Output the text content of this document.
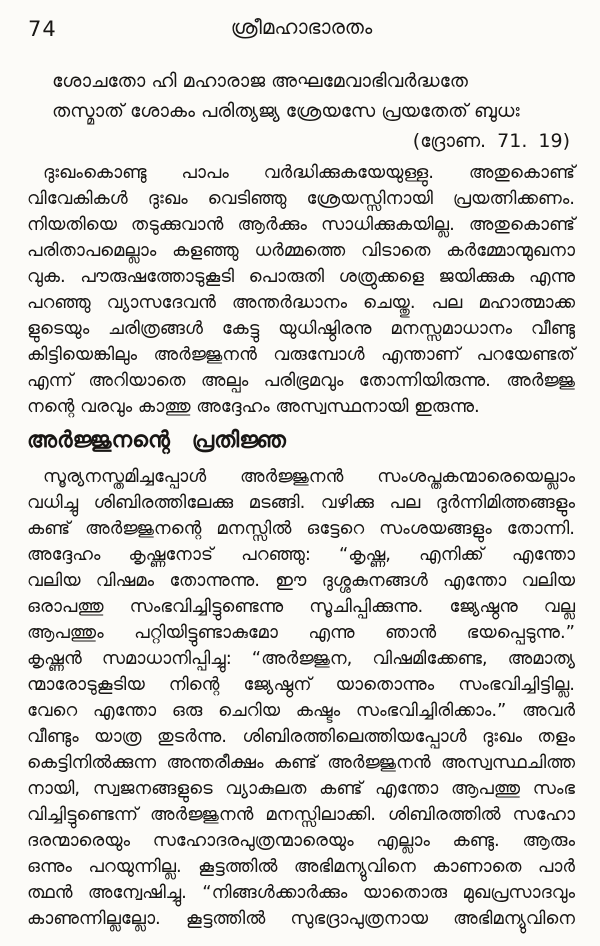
74	ശ്രീമഹാഭാരതം
ശോചതോ ഹി മഹാരാജ അഘമേവാഭിവർദ്ധതേ
തസ്മാത് ശോകം പരിത്യജ്യ ശ്രേയസേ പ്രയതേത് ബുധഃ
(ദ്രോണ. 71. 19)
ദുഃഖംകൊണ്ടു പാപം വർദ്ധിക്കുകയേയുള്ളു. അതുകൊണ്ട്
വിവേകികൾ ദുഃഖം വെടിഞ്ഞു ശ്രേയസ്സിനായി പ്രയത്നിക്കണം.
നിയതിയെ തടുക്കുവാൻ ആർക്കും സാധിക്കുകയില്ല. അതുകൊണ്ട്
പരിതാപമെല്ലാം കളഞ്ഞു ധർമ്മത്തെ വിടാതെ കർമ്മോന്മുഖനാ
വുക. പൗരുഷത്തോടുകൂടി പൊരുതി ശത്രുക്കളെ ജയിക്കുക എന്നു
പറഞ്ഞു വ്യാസദേവൻ അന്തർദ്ധാനം ചെയ്തു. പല മഹാത്മാക്ക
ളുടെയും ചരിത്രങ്ങൾ കേട്ടു യുധിഷ്ഠിരനു മനസ്സമാധാനം വീണ്ടു
കിട്ടിയെങ്കിലും അർജ്ജുനൻ വരുമ്പോൾ എന്താണ് പറയേണ്ടത്
എന്ന് അറിയാതെ അല്പം പരിഭ്രമവും തോന്നിയിരുന്നു. അർജ്ജു
നന്റെ വരവും കാത്തു അദ്ദേഹം അസ്വസ്ഥനായി ഇരുന്നു.
അർജ്ജുനന്റെ പ്രതിജ്ഞ
സൂര്യനസ്തമിച്ചപ്പോൾ അർജ്ജുനൻ സംശപ്തകന്മാരെയെല്ലാം
വധിച്ചു ശിബിരത്തിലേക്കു മടങ്ങി. വഴിക്കു പല ദുർന്നിമിത്തങ്ങളും
കണ്ട് അർജ്ജുനന്റെ മനസ്സിൽ ഒട്ടേറെ സംശയങ്ങളും തോന്നി.
അദ്ദേഹം കൃഷ്ണനോട് പറഞ്ഞു: “കൃഷ്ണ, എനിക്ക് എന്തോ
വലിയ വിഷമം തോന്നുന്നു. ഈ ദുശ്ശകുനങ്ങൾ എന്തോ വലിയ
ഒരാപത്തു സംഭവിച്ചിട്ടുണ്ടെന്നു സൂചിപ്പിക്കുന്നു. ജ്യേഷ്ഠനു വല്ല
ആപത്തും പറ്റിയിട്ടുണ്ടാകുമോ എന്നു ഞാൻ ഭയപ്പെടുന്നു.”
കൃഷ്ണൻ സമാധാനിപ്പിച്ചു: “അർജ്ജുന, വിഷമിക്കേണ്ട, അമാത്യ
ന്മാരോടുകൂടിയ നിന്റെ ജ്യേഷ്ഠന് യാതൊന്നും സംഭവിച്ചിട്ടില്ല.
വേറെ എന്തോ ഒരു ചെറിയ കഷ്ടം സംഭവിച്ചിരിക്കാം.” അവർ
വീണ്ടും യാത്ര തുടർന്നു. ശിബിരത്തിലെത്തിയപ്പോൾ ദുഃഖം തളം
കെട്ടിനിൽക്കുന്ന അന്തരീക്ഷം കണ്ട് അർജ്ജുനൻ അസ്വസ്ഥചിത്ത
നായി, സ്വജനങ്ങളുടെ വ്യാകുലത കണ്ട് എന്തോ ആപത്തു സംഭ
വിച്ചിട്ടുണ്ടെന്ന് അർജ്ജുനൻ മനസ്സിലാക്കി. ശിബിരത്തിൽ സഹോ
ദരന്മാരെയും സഹോദരപുത്രന്മാരെയും എല്ലാം കണ്ടു. ആരും
ഒന്നും പറയുന്നില്ല. കൂട്ടത്തിൽ അഭിമന്യുവിനെ കാണാതെ പാർ
ത്ഥൻ അന്വേഷിച്ചു. “നിങ്ങൾക്കാർക്കും യാതൊരു മുഖപ്രസാദവും
കാണുന്നില്ലല്ലോ. കൂട്ടത്തിൽ സുഭദ്രാപുത്രനായ അഭിമന്യുവിനെ
